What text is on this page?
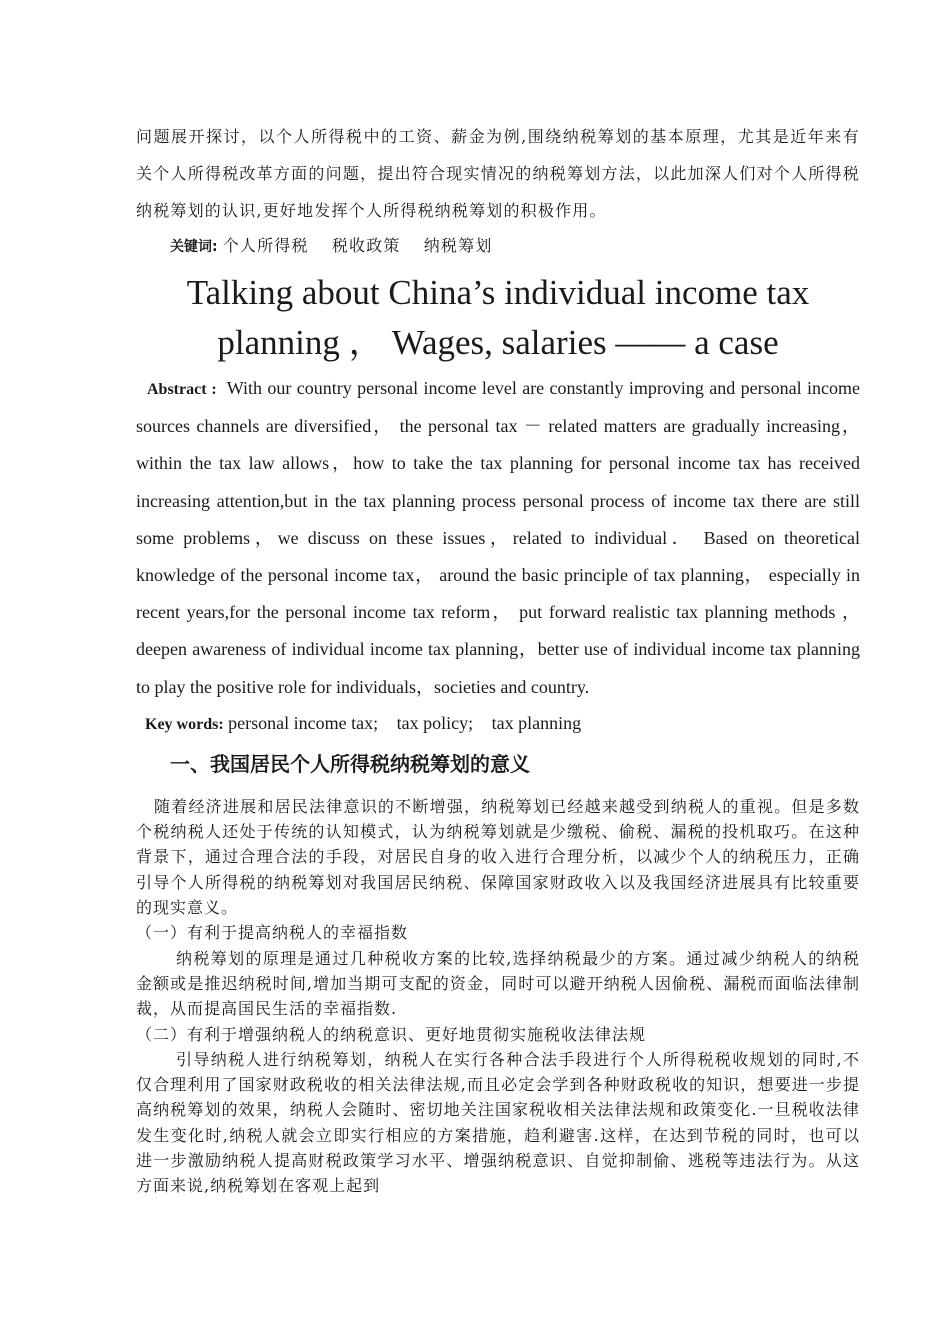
问题展开探讨，以个人所得税中的工资、薪金为例,围绕纳税筹划的基本原理，尤其是近年来有关个人所得税改革方面的问题，提出符合现实情况的纳税筹划方法，以此加深人们对个人所得税纳税筹划的认识,更好地发挥个人所得税纳税筹划的积极作用。

关键词: 个人所得税 税收政策 纳税筹划

Talking about China’s individual income tax
planning ， Wages, salaries —— a case

Abstract : With our country personal income level are constantly improving and personal income sources channels are diversified， the personal tax － related matters are gradually increasing，within the tax law allows，how to take the tax planning for personal income tax has received increasing attention,but in the tax planning process personal process of income tax there are still some problems，we discuss on these issues，related to individual． Based on theoretical knowledge of the personal income tax， around the basic principle of tax planning， especially in recent years,for the personal income tax reform， put forward realistic tax planning methods ，deepen awareness of individual income tax planning，better use of individual income tax planning to play the positive role for individuals，societies and country.

Key words: personal income tax; tax policy; tax planning

一、我国居民个人所得税纳税筹划的意义

随着经济进展和居民法律意识的不断增强，纳税筹划已经越来越受到纳税人的重视。但是多数个税纳税人还处于传统的认知模式，认为纳税筹划就是少缴税、偷税、漏税的投机取巧。在这种背景下，通过合理合法的手段，对居民自身的收入进行合理分析，以减少个人的纳税压力，正确引导个人所得税的纳税筹划对我国居民纳税、保障国家财政收入以及我国经济进展具有比较重要的现实意义。

（一）有利于提高纳税人的幸福指数

纳税筹划的原理是通过几种税收方案的比较,选择纳税最少的方案。通过减少纳税人的纳税金额或是推迟纳税时间,增加当期可支配的资金，同时可以避开纳税人因偷税、漏税而面临法律制裁，从而提高国民生活的幸福指数.

（二）有利于增强纳税人的纳税意识、更好地贯彻实施税收法律法规

引导纳税人进行纳税筹划，纳税人在实行各种合法手段进行个人所得税税收规划的同时,不仅合理利用了国家财政税收的相关法律法规,而且必定会学到各种财政税收的知识，想要进一步提高纳税筹划的效果，纳税人会随时、密切地关注国家税收相关法律法规和政策变化.一旦税收法律发生变化时,纳税人就会立即实行相应的方案措施，趋利避害.这样，在达到节税的同时，也可以进一步激励纳税人提高财税政策学习水平、增强纳税意识、自觉抑制偷、逃税等违法行为。从这方面来说,纳税筹划在客观上起到
